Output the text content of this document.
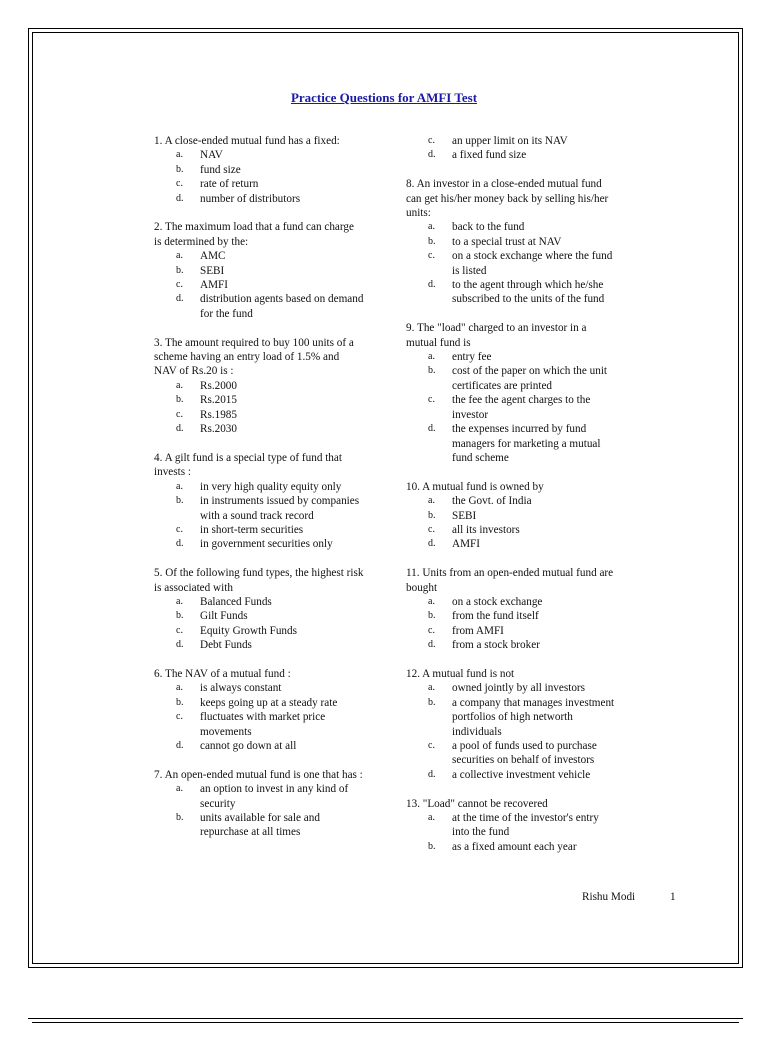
Practice Questions for AMFI Test
1. A close-ended mutual fund has a fixed:
a.	NAV
b.	fund size
c.	rate of return
d.	number of distributors
2. The maximum load that a fund can charge is determined by the:
a.	AMC
b.	SEBI
c.	AMFI
d.	distribution agents based on demand for the fund
3. The amount required to buy 100 units of a scheme having an entry load of 1.5% and NAV of Rs.20 is :
a.	Rs.2000
b.	Rs.2015
c.	Rs.1985
d.	Rs.2030
4. A gilt fund is a special type of fund that invests :
a.	in very high quality equity only
b.	in instruments issued by companies with a sound track record
c.	in short-term securities
d.	in government securities only
5. Of the following fund types, the highest risk is associated with
a.	Balanced Funds
b.	Gilt Funds
c.	Equity Growth Funds
d.	Debt Funds
6. The NAV of a mutual fund :
a.	is always constant
b.	keeps going up at a steady rate
c.	fluctuates with market price movements
d.	cannot go down at all
7. An open-ended mutual fund is one that has :
a.	an option to invest in any kind of security
b.	units available for sale and repurchase at all times
c.	an upper limit on its NAV
d.	a fixed fund size
8. An investor in a close-ended mutual fund can get his/her money back by selling his/her units:
a.	back to the fund
b.	to a special trust at NAV
c.	on a stock exchange where the fund is listed
d.	to the agent through which he/she subscribed to the units of the fund
9. The "load" charged to an investor in a mutual fund is
a.	entry fee
b.	cost of the paper on which the unit certificates are printed
c.	the fee the agent charges to the investor
d.	the expenses incurred by fund managers for marketing a mutual fund scheme
10. A mutual fund is owned by
a.	the Govt. of India
b.	SEBI
c.	all its investors
d.	AMFI
11. Units from an open-ended mutual fund are bought
a.	on a stock exchange
b.	from the fund itself
c.	from AMFI
d.	from a stock broker
12. A mutual fund is not
a.	owned jointly by all investors
b.	a company that manages investment portfolios of high networth individuals
c.	a pool of funds used to purchase securities on behalf of investors
d.	a collective investment vehicle
13. "Load" cannot be recovered
a.	at the time of the investor's entry into the fund
b.	as a fixed amount each year
Rishu Modi	1
